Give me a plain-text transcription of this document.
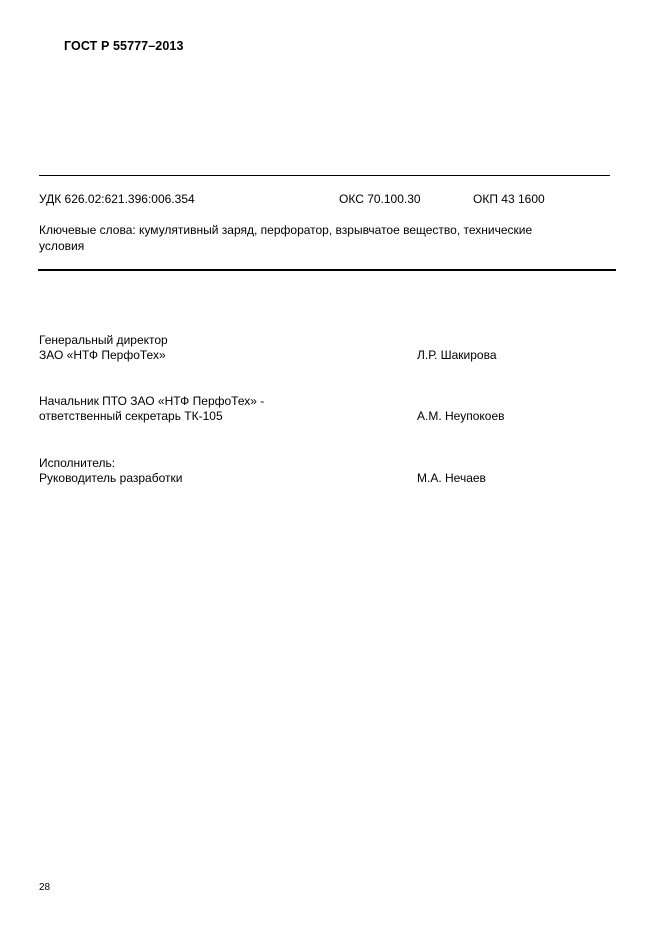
ГОСТ Р 55777–2013
УДК 626.02:621.396:006.354	ОКС 70.100.30	ОКП 43 1600
Ключевые слова: кумулятивный заряд, перфоратор, взрывчатое вещество, технические
условия
Генеральный директор
ЗАО «НТФ ПерфоТех»	Л.Р. Шакирова
Начальник ПТО ЗАО «НТФ ПерфоТех» -
ответственный секретарь ТК-105	А.М. Неупокоев
Исполнитель:
Руководитель разработки	М.А. Нечаев
28
